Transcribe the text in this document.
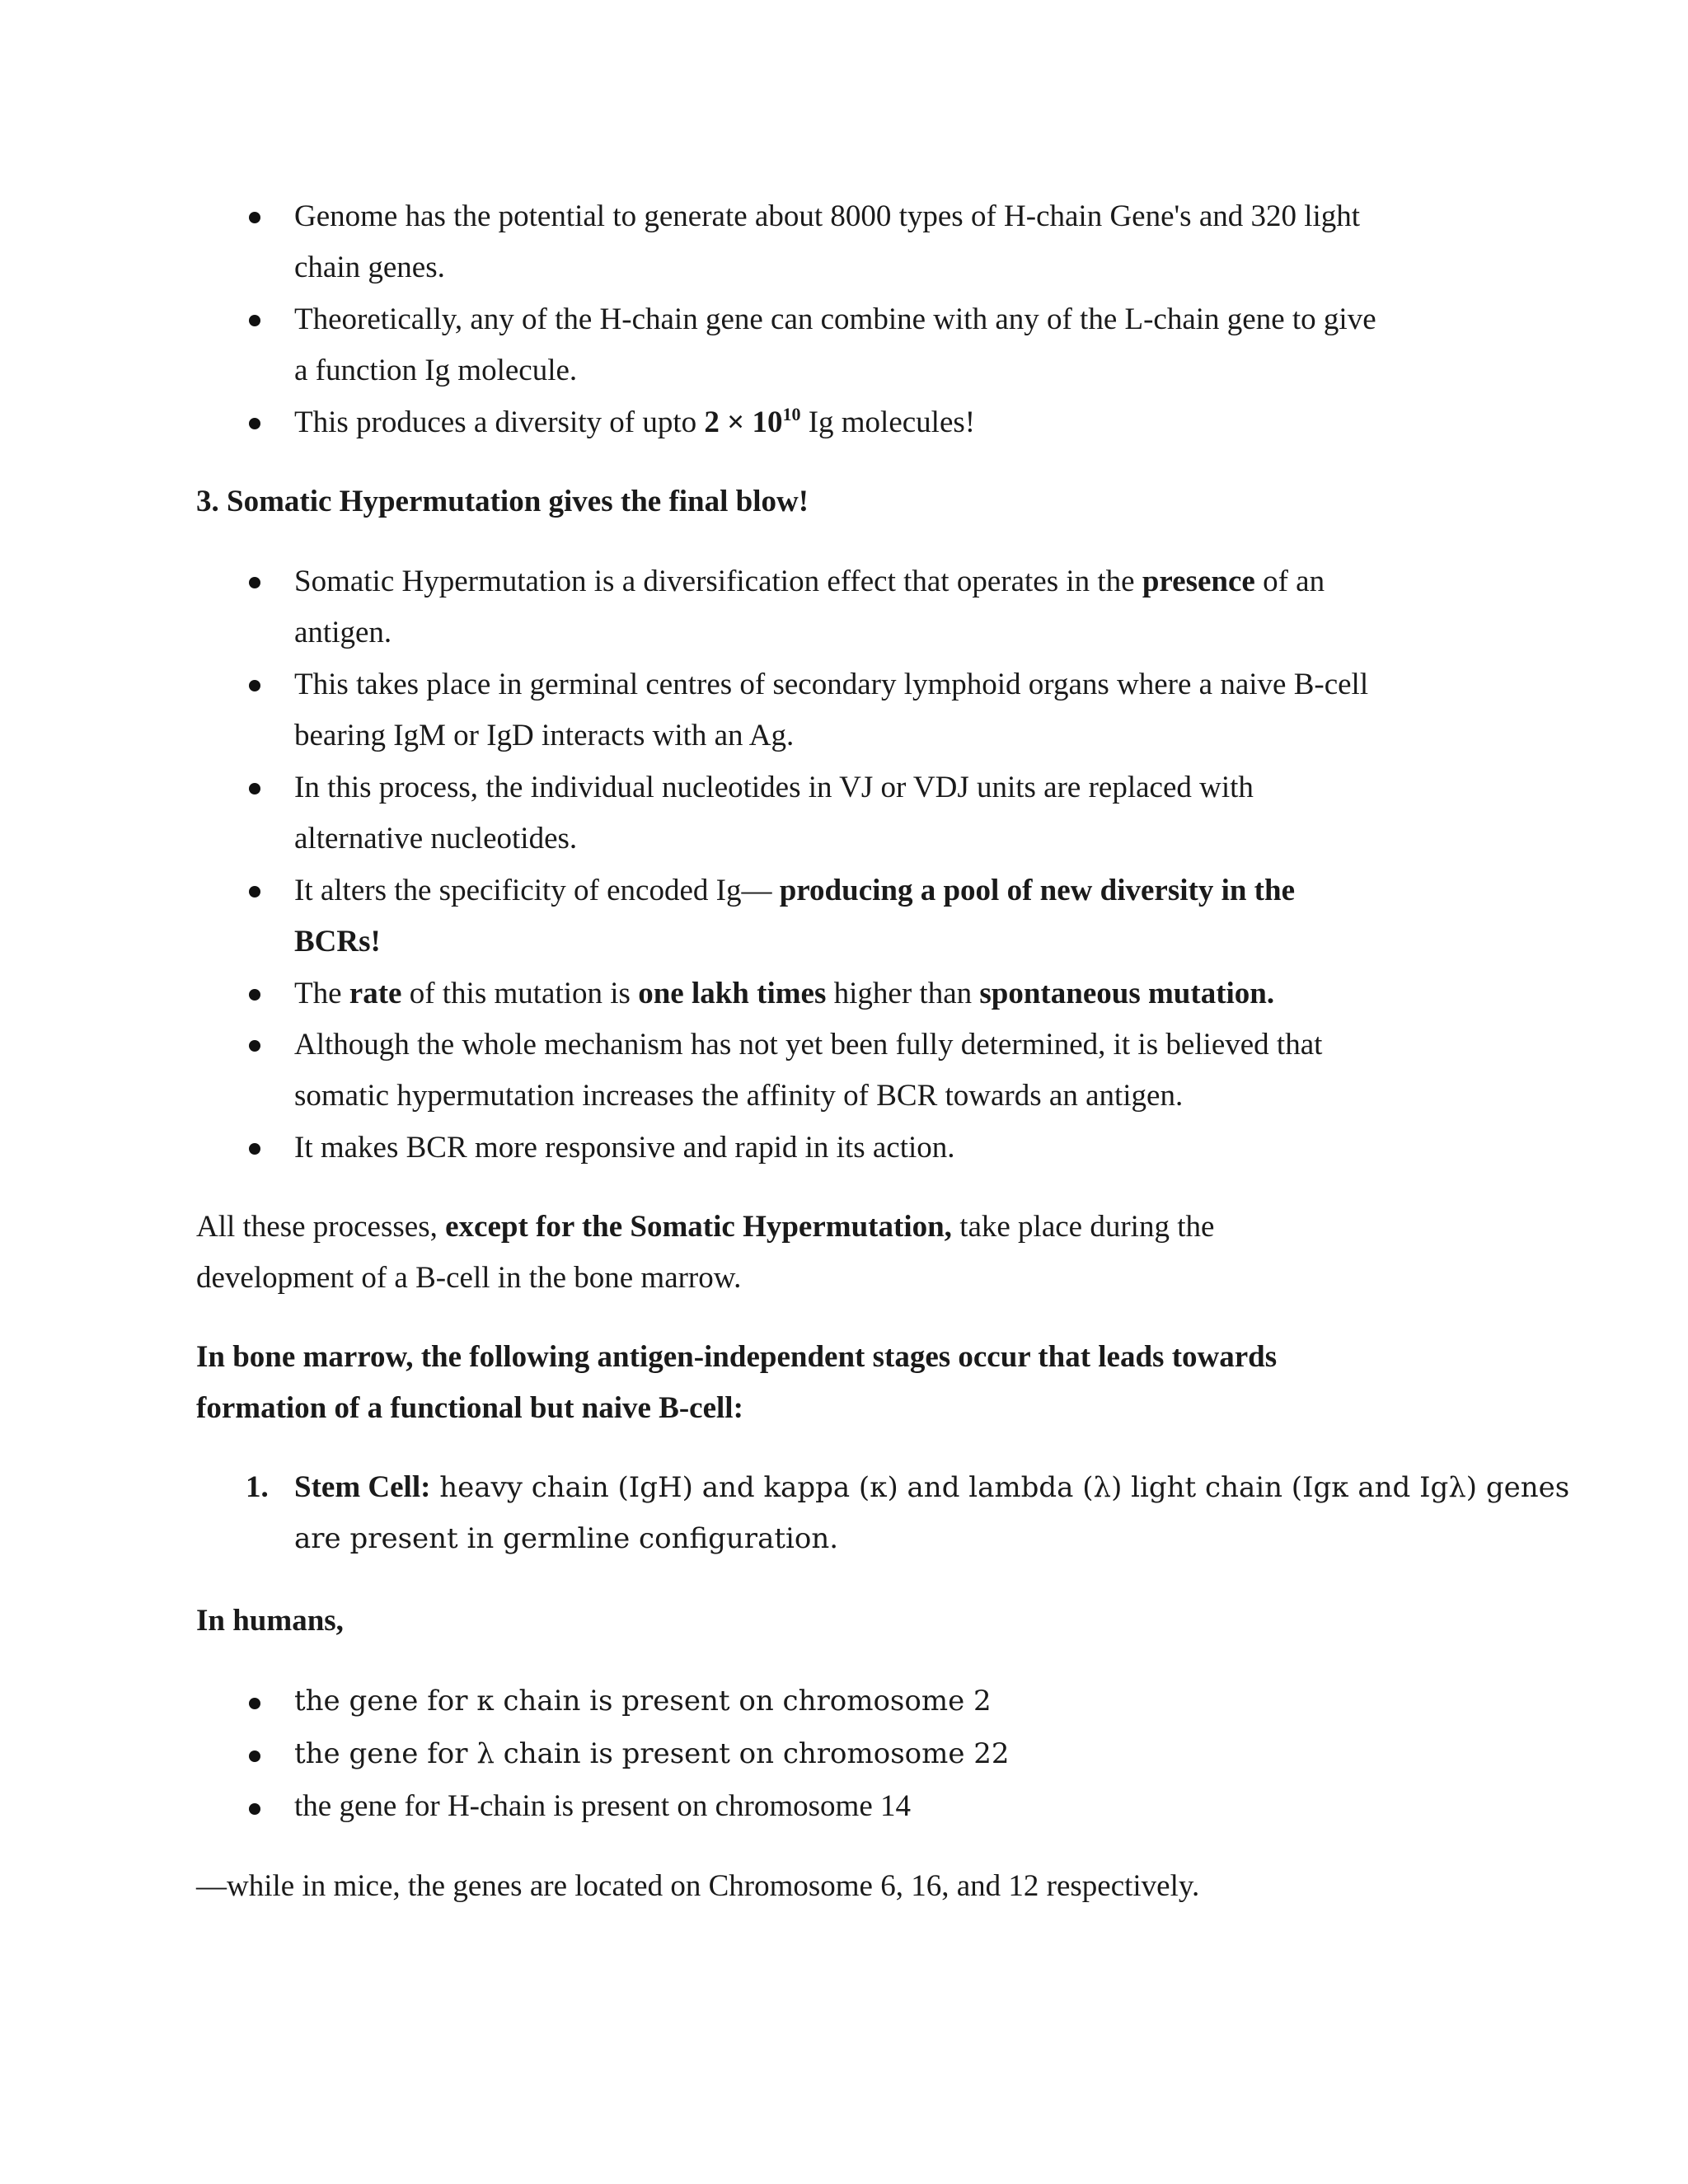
Genome has the potential to generate about 8000 types of H-chain Gene's and 320 light
chain genes.
Theoretically, any of the H-chain gene can combine with any of the L-chain gene to give
a function Ig molecule.
This produces a diversity of upto $2 \times 10^{10}$ Ig molecules!
3. Somatic Hypermutation gives the final blow!
Somatic Hypermutation is a diversification effect that operates in the presence of an
antigen.
This takes place in germinal centres of secondary lymphoid organs where a naive B-cell
bearing IgM or IgD interacts with an Ag.
In this process, the individual nucleotides in VJ or VDJ units are replaced with
alternative nucleotides.
It alters the specificity of encoded Ig— producing a pool of new diversity in the
BCRs!
The rate of this mutation is one lakh times higher than spontaneous mutation.
Although the whole mechanism has not yet been fully determined, it is believed that
somatic hypermutation increases the affinity of BCR towards an antigen.
It makes BCR more responsive and rapid in its action.
All these processes, except for the Somatic Hypermutation, take place during the
development of a B-cell in the bone marrow.
In bone marrow, the following antigen-independent stages occur that leads towards
formation of a functional but naive B-cell:
1. Stem Cell: heavy chain (IgH) and kappa (κ) and lambda (λ) light chain (Igκ and Igλ) genes
are present in germline configuration.
In humans,
the gene for κ chain is present on chromosome 2
the gene for λ chain is present on chromosome 22
the gene for H-chain is present on chromosome 14
—while in mice, the genes are located on Chromosome 6, 16, and 12 respectively.
